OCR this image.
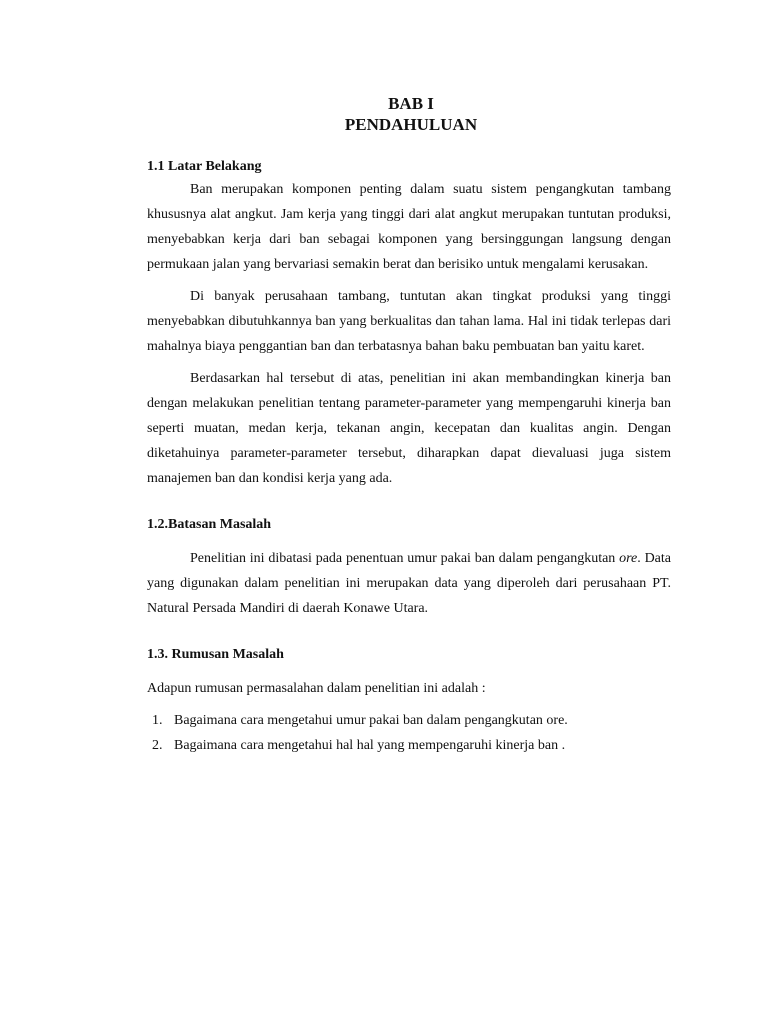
BAB I
PENDAHULUAN
1.1 Latar Belakang

Ban merupakan komponen penting dalam suatu sistem pengangkutan tambang khususnya alat angkut. Jam kerja yang tinggi dari alat angkut merupakan tuntutan produksi, menyebabkan kerja dari ban sebagai komponen yang bersinggungan langsung dengan permukaan jalan yang bervariasi semakin berat dan berisiko untuk mengalami kerusakan.

Di banyak perusahaan tambang, tuntutan akan tingkat produksi yang tinggi menyebabkan dibutuhkannya ban yang berkualitas dan tahan lama. Hal ini tidak terlepas dari mahalnya biaya penggantian ban dan terbatasnya bahan baku pembuatan ban yaitu karet.

Berdasarkan hal tersebut di atas, penelitian ini akan membandingkan kinerja ban dengan melakukan penelitian tentang parameter-parameter yang mempengaruhi kinerja ban seperti muatan, medan kerja, tekanan angin, kecepatan dan kualitas angin. Dengan diketahuinya parameter-parameter tersebut, diharapkan dapat dievaluasi juga sistem manajemen ban dan kondisi kerja yang ada.

1.2.Batasan Masalah

Penelitian ini dibatasi pada penentuan umur pakai ban dalam pengangkutan ore. Data yang digunakan dalam penelitian ini merupakan data yang diperoleh dari perusahaan PT. Natural Persada Mandiri di daerah Konawe Utara.

1.3. Rumusan Masalah

Adapun rumusan permasalahan dalam penelitian ini adalah :

1. Bagaimana cara mengetahui umur pakai ban dalam pengangkutan ore.
2. Bagaimana cara mengetahui hal hal yang mempengaruhi kinerja ban .
